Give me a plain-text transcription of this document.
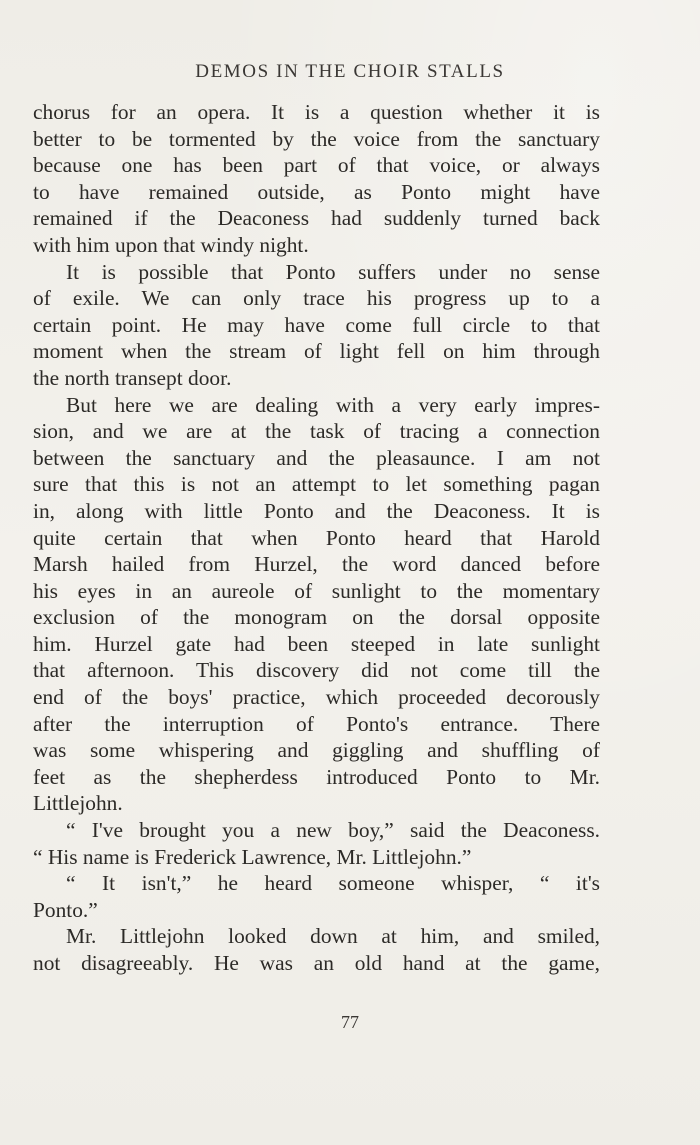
DEMOS IN THE CHOIR STALLS
chorus for an opera. It is a question whether it is
better to be tormented by the voice from the sanctuary
because one has been part of that voice, or always
to have remained outside, as Ponto might have
remained if the Deaconess had suddenly turned back
with him upon that windy night.
It is possible that Ponto suffers under no sense
of exile. We can only trace his progress up to a
certain point. He may have come full circle to that
moment when the stream of light fell on him through
the north transept door.
But here we are dealing with a very early impres-
sion, and we are at the task of tracing a connection
between the sanctuary and the pleasaunce. I am not
sure that this is not an attempt to let something pagan
in, along with little Ponto and the Deaconess. It is
quite certain that when Ponto heard that Harold
Marsh hailed from Hurzel, the word danced before
his eyes in an aureole of sunlight to the momentary
exclusion of the monogram on the dorsal opposite
him. Hurzel gate had been steeped in late sunlight
that afternoon. This discovery did not come till the
end of the boys' practice, which proceeded decorously
after the interruption of Ponto's entrance. There
was some whispering and giggling and shuffling of
feet as the shepherdess introduced Ponto to Mr.
Littlejohn.
“ I've brought you a new boy,” said the Deaconess.
“ His name is Frederick Lawrence, Mr. Littlejohn.”
“ It isn't,” he heard someone whisper, “ it's
Ponto.”
Mr. Littlejohn looked down at him, and smiled,
not disagreeably. He was an old hand at the game,
77
